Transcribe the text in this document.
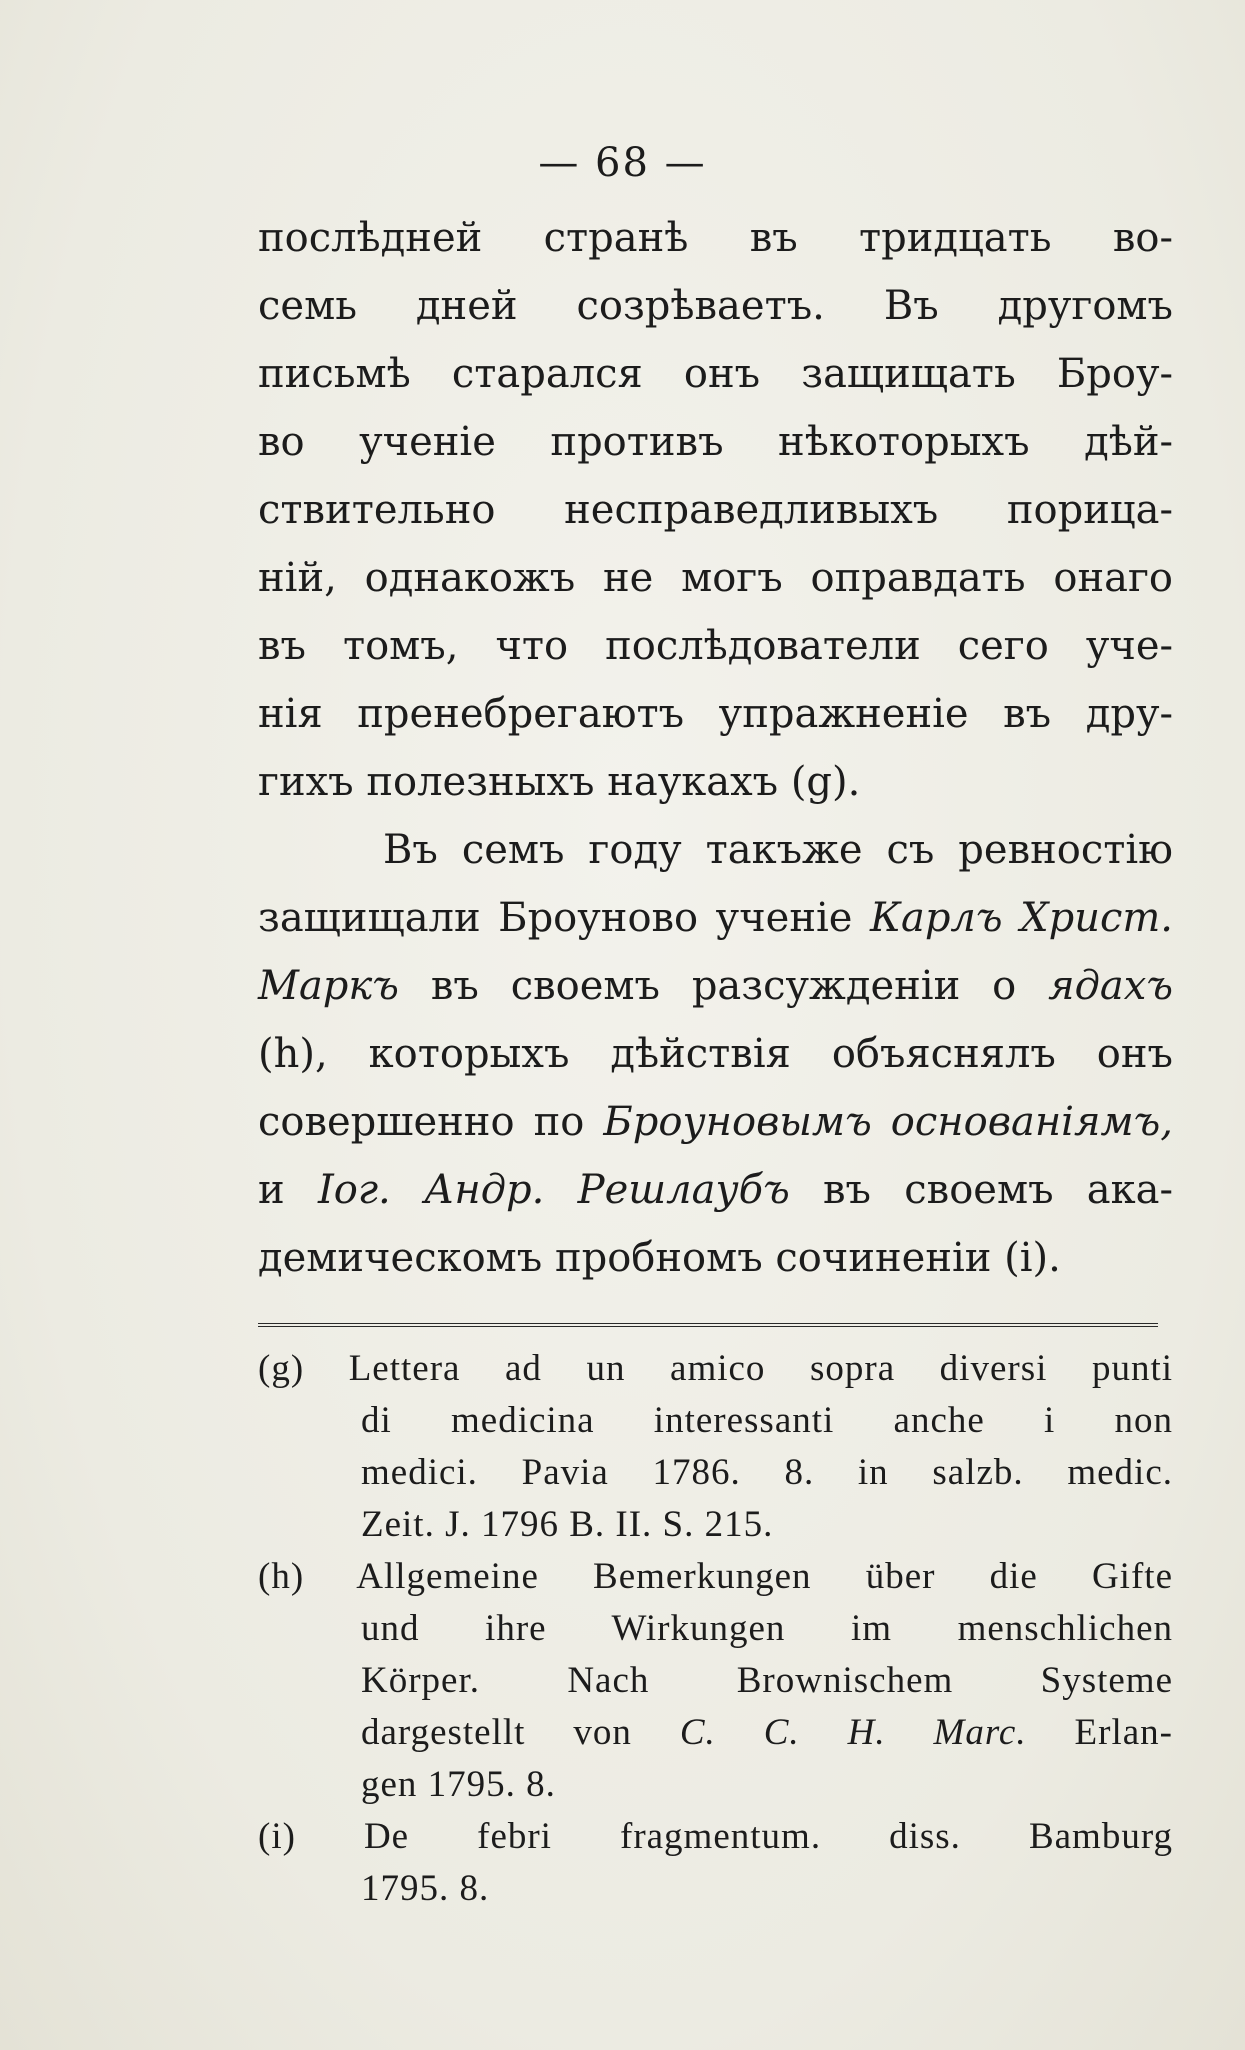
— 68 —
послѣдней странѣ въ тридцать во-
семь дней созрѣваетъ. Въ другомъ
письмѣ старался онъ защищать Броу-
во ученіе противъ нѣкоторыхъ дѣй-
ствительно несправедливыхъ порица-
ній, однакожъ не могъ оправдать онаго
въ томъ, что послѣдователи сего уче-
нія пренебрегаютъ упражненіе въ дру-
гихъ полезныхъ наукахъ (g).
Въ семъ году такъже съ ревностію
защищали Броуново ученіе Карлъ Христ.
Маркъ въ своемъ разсужденіи о ядахъ
(h), которыхъ дѣйствія объяснялъ онъ
совершенно по Броуновымъ основаніямъ,
и Іог. Андр. Решлаубъ въ своемъ ака-
демическомъ пробномъ сочиненіи (i).
(g) Lettera ad un amico sopra diversi punti
di medicina interessanti anche i non
medici. Pavia 1786. 8. in salzb. medic.
Zeit. J. 1796 B. II. S. 215.
(h) Allgemeine Bemerkungen über die Gifte
und ihre Wirkungen im menschlichen
Körper. Nach Brownischem Systeme
dargestellt von C. C. H. Marc. Erlan-
gen 1795. 8.
(i) De febri fragmentum. diss. Bamburg
1795. 8.
